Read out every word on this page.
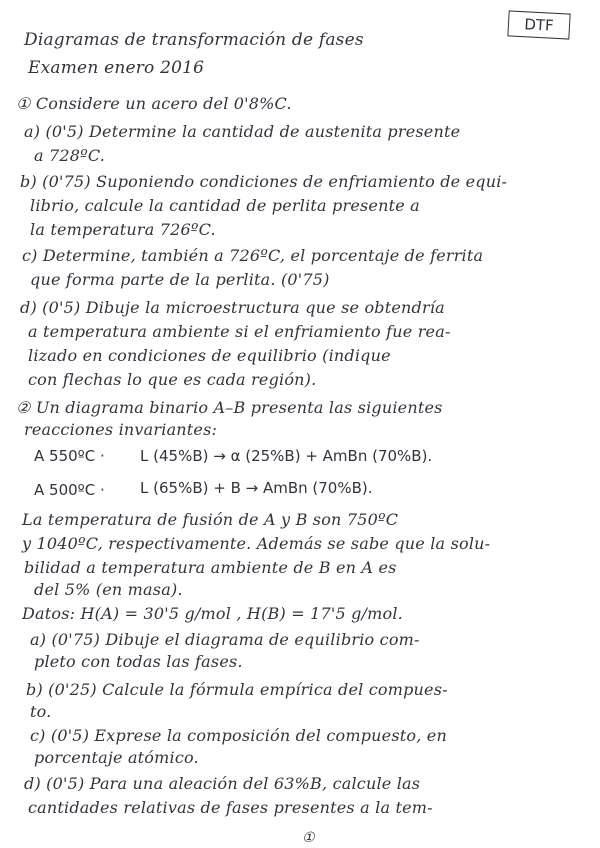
DTF
Diagramas de transformación de fases
Examen enero 2016
① Considere un acero del 0'8%C.
a) (0'5) Determine la cantidad de austenita presente
a 728ºC.
b) (0'75) Suponiendo condiciones de enfriamiento de equi-
librio, calcule la cantidad de perlita presente a
la temperatura 726ºC.
c) Determine, también a 726ºC, el porcentaje de ferrita
que forma parte de la perlita. (0'75)
d) (0'5) Dibuje la microestructura que se obtendría
a temperatura ambiente si el enfriamiento fue rea-
lizado en condiciones de equilibrio (indique
con flechas lo que es cada región).
② Un diagrama binario A–B presenta las siguientes
reacciones invariantes:
A 550ºC · L (45%B) → α (25%B) + AmBn (70%B).
A 500ºC · L (65%B) + B → AmBn (70%B).
La temperatura de fusión de A y B son 750ºC
y 1040ºC, respectivamente. Además se sabe que la solu-
bilidad a temperatura ambiente de B en A es
del 5% (en masa).
Datos: H(A) = 30'5 g/mol , H(B) = 17'5 g/mol.
a) (0'75) Dibuje el diagrama de equilibrio com-
pleto con todas las fases.
b) (0'25) Calcule la fórmula empírica del compues-
to.
c) (0'5) Exprese la composición del compuesto, en
porcentaje atómico.
d) (0'5) Para una aleación del 63%B, calcule las
cantidades relativas de fases presentes a la tem-
①
